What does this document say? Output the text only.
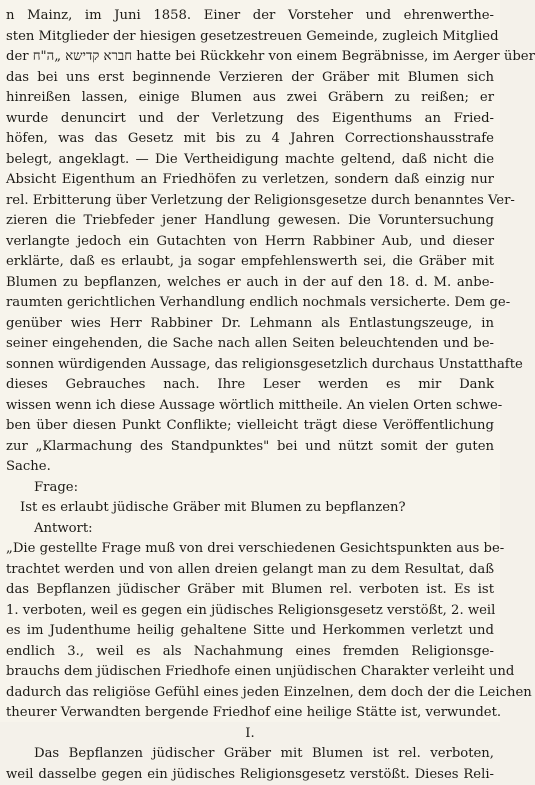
n Mainz, im Juni 1858. Einer der Vorsteher und ehrenwerthe-
sten Mitglieder der hiesigen gesetzestreuen Gemeinde, zugleich Mitglied
der חברא קדישא „ה"ח hatte bei Rückkehr von einem Begräbnisse, im Aerger über
das bei uns erst beginnende Verzieren der Gräber mit Blumen sich
hinreißen lassen, einige Blumen aus zwei Gräbern zu reißen; er
wurde denuncirt und der Verletzung des Eigenthums an Fried-
höfen, was das Gesetz mit bis zu 4 Jahren Correctionshausstrafe
belegt, angeklagt. — Die Vertheidigung machte geltend, daß nicht die
Absicht Eigenthum an Friedhöfen zu verletzen, sondern daß einzig nur
rel. Erbitterung über Verletzung der Religionsgesetze durch benanntes Ver-
zieren die Triebfeder jener Handlung gewesen. Die Voruntersuchung
verlangte jedoch ein Gutachten von Herrn Rabbiner Aub, und dieser
erklärte, daß es erlaubt, ja sogar empfehlenswerth sei, die Gräber mit
Blumen zu bepflanzen, welches er auch in der auf den 18. d. M. anbe-
raumten gerichtlichen Verhandlung endlich nochmals versicherte. Dem ge-
genüber wies Herr Rabbiner Dr. Lehmann als Entlastungszeuge, in
seiner eingehenden, die Sache nach allen Seiten beleuchtenden und be-
sonnen würdigenden Aussage, das religionsgesetzlich durchaus Unstatthafte
dieses Gebrauches nach. Ihre Leser werden es mir Dank
wissen wenn ich diese Aussage wörtlich mittheile. An vielen Orten schwe-
ben über diesen Punkt Conflikte; vielleicht trägt diese Veröffentlichung
zur „Klarmachung des Standpunktes" bei und nützt somit der guten
Sache.
Frage:
Ist es erlaubt jüdische Gräber mit Blumen zu bepflanzen?
Antwort:
„Die gestellte Frage muß von drei verschiedenen Gesichtspunkten aus be-
trachtet werden und von allen dreien gelangt man zu dem Resultat, daß
das Bepflanzen jüdischer Gräber mit Blumen rel. verboten ist. Es ist
1. verboten, weil es gegen ein jüdisches Religionsgesetz verstößt, 2. weil
es im Judenthume heilig gehaltene Sitte und Herkommen verletzt und
endlich 3., weil es als Nachahmung eines fremden Religionsge-
brauchs dem jüdischen Friedhofe einen unjüdischen Charakter verleiht und
dadurch das religiöse Gefühl eines jeden Einzelnen, dem doch der die Leichen
theurer Verwandten bergende Friedhof eine heilige Stätte ist, verwundet.
I.
Das Bepflanzen jüdischer Gräber mit Blumen ist rel. verboten,
weil dasselbe gegen ein jüdisches Religionsgesetz verstößt. Dieses Reli-
